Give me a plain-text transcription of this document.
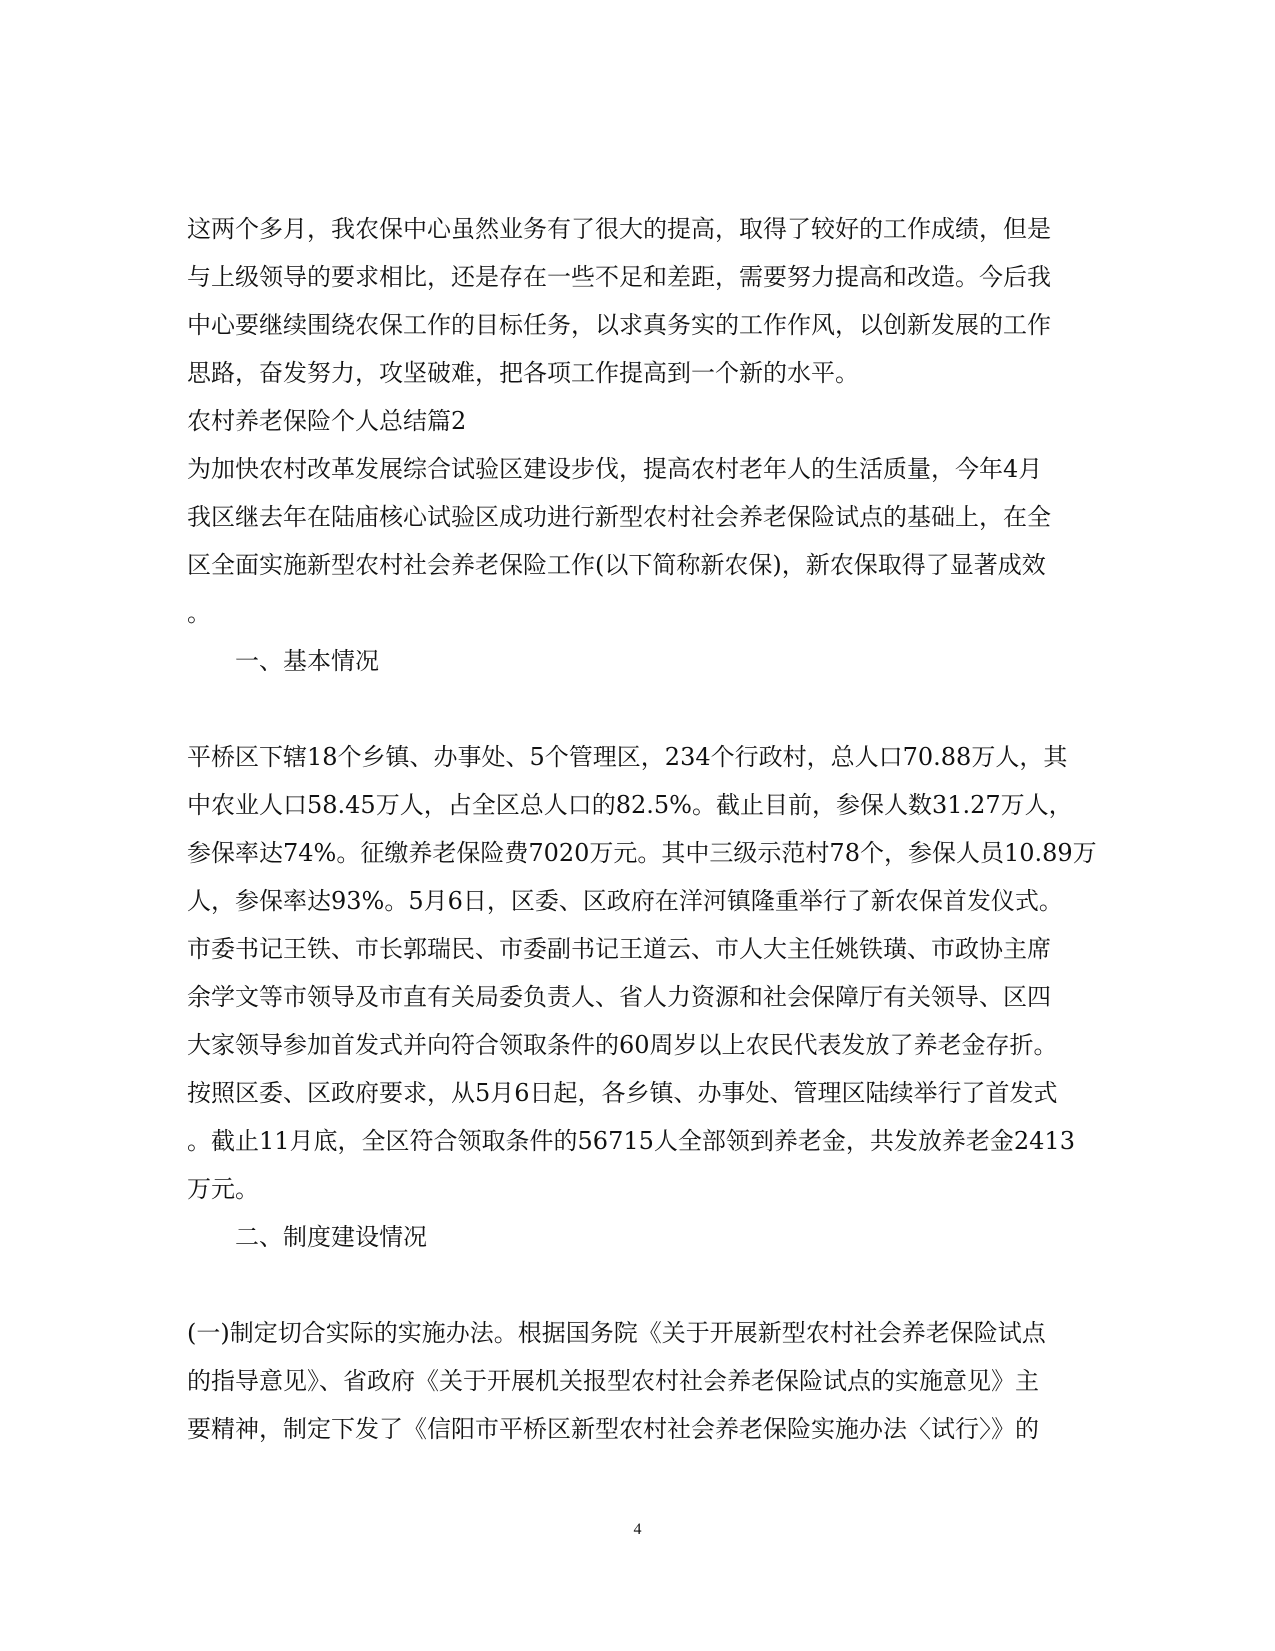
这两个多月，我农保中心虽然业务有了很大的提高，取得了较好的工作成绩，但是
与上级领导的要求相比，还是存在一些不足和差距，需要努力提高和改造。今后我
中心要继续围绕农保工作的目标任务，以求真务实的工作作风，以创新发展的工作
思路，奋发努力，攻坚破难，把各项工作提高到一个新的水平。
农村养老保险个人总结篇2
为加快农村改革发展综合试验区建设步伐，提高农村老年人的生活质量，今年4月
我区继去年在陆庙核心试验区成功进行新型农村社会养老保险试点的基础上，在全
区全面实施新型农村社会养老保险工作(以下简称新农保)，新农保取得了显著成效
。
一、基本情况
平桥区下辖18个乡镇、办事处、5个管理区，234个行政村，总人口70.88万人，其
中农业人口58.45万人，占全区总人口的82.5%。截止目前，参保人数31.27万人，
参保率达74%。征缴养老保险费7020万元。其中三级示范村78个，参保人员10.89万
人，参保率达93%。5月6日，区委、区政府在洋河镇隆重举行了新农保首发仪式。
市委书记王铁、市长郭瑞民、市委副书记王道云、市人大主任姚铁璜、市政协主席
余学文等市领导及市直有关局委负责人、省人力资源和社会保障厅有关领导、区四
大家领导参加首发式并向符合领取条件的60周岁以上农民代表发放了养老金存折。
按照区委、区政府要求，从5月6日起，各乡镇、办事处、管理区陆续举行了首发式
。截止11月底，全区符合领取条件的56715人全部领到养老金，共发放养老金2413
万元。
二、制度建设情况
(一)制定切合实际的实施办法。根据国务院《关于开展新型农村社会养老保险试点
的指导意见》、省政府《关于开展机关报型农村社会养老保险试点的实施意见》主
要精神，制定下发了《信阳市平桥区新型农村社会养老保险实施办法〈试行〉》的
4
